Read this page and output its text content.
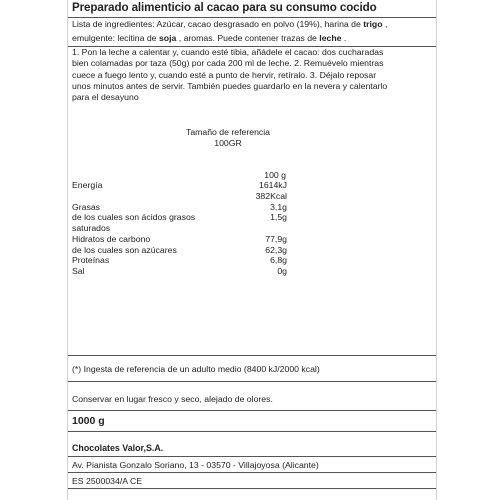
Preparado alimenticio al cacao para su consumo cocido
Lista de ingredientes: Azúcar, cacao desgrasado en polvo (19%), harina de trigo ,
emulgente: lecitina de soja , aromas. Puede contener trazas de leche .
1. Pon la leche a calentar y, cuando esté tibia, añádele el cacao: dos cucharadas
bien colamadas por taza (50g) por cada 200 ml de leche. 2. Remuévelo mientras
cuece a fuego lento y, cuando esté a punto de hervir, retíralo. 3. Déjalo reposar
unos minutos antes de servir. También puedes guardarlo en la nevera y calentarlo
para el desayuno
Tamaño de referencia
100GR
100 g
Energía	1614kJ
382Kcal
Grasas	3,1g
de los cuales son ácidos grasos	1,5g
saturados
Hidratos de carbono	77,9g
de los cuales son azúcares	62,3g
Proteínas	6,8g
Sal	0g
(*) Ingesta de referencia de un adulto medio (8400 kJ/2000 kcal)
Conservar en lugar fresco y seco, alejado de olores.
1000 g
Chocolates Valor,S.A.
Av. Pianista Gonzalo Soriano, 13 - 03570 - Villajoyosa (Alicante)
ES 2500034/A CE
